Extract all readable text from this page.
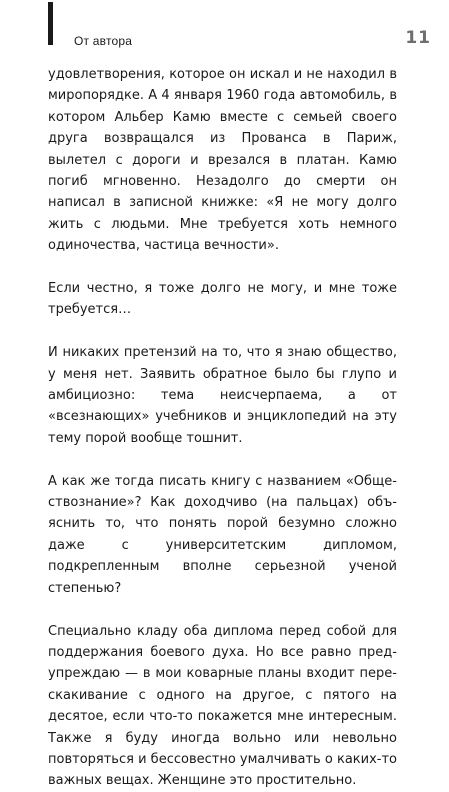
От автора	11

удовлетворения, которое он искал и не находил в миропорядке. А 4 января 1960 года автомобиль, в котором Альбер Камю вместе с семьей своего друга возвращался из Прованса в Париж, вылетел с дороги и врезался в платан. Камю погиб мгновенно. Незадолго до смерти он написал в записной книжке: «Я не могу долго жить с людьми. Мне требуется хоть немного одиночества, частица вечности».

Если честно, я тоже долго не могу, и мне тоже требуется…

И никаких претензий на то, что я знаю общество, у меня нет. Заявить обратное было бы глупо и амбициозно: тема неисчерпаема, а от «всезнающих» учебников и энциклопедий на эту тему порой вообще тошнит.

А как же тогда писать книгу с названием «Обществознание»? Как доходчиво (на пальцах) объяснить то, что понять порой безумно сложно даже с университетским дипломом, подкрепленным вполне серьезной ученой степенью?

Специально кладу оба диплома перед собой для поддержания боевого духа. Но все равно предупреждаю — в мои коварные планы входит перескакивание с одного на другое, с пятого на десятое, если что-то покажется мне интересным. Также я буду иногда вольно или невольно повторяться и бессовестно умалчивать о каких-то важных вещах. Женщине это простительно.
